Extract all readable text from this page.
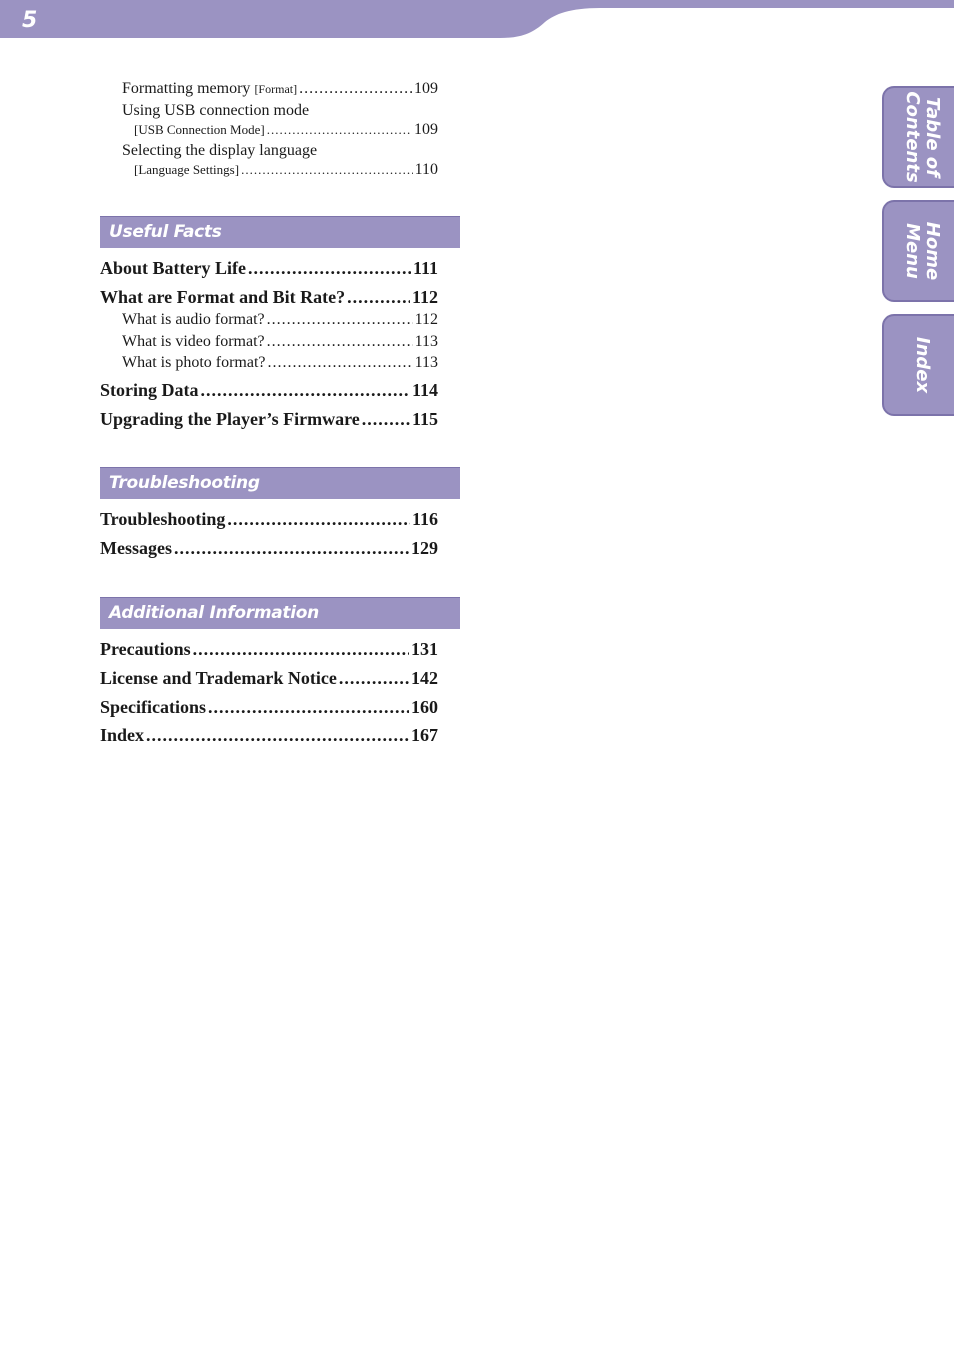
5
Table of
Contents
Home
Menu
Index
Formatting memory
[Format] .....	109
Using USB connection mode
[USB Connection Mode] .....	109
Selecting the display language
[Language Settings] .....	110
Useful Facts
About Battery Life .....	111
What are Format and Bit Rate? .....	112
What is audio format? .....	112
What is video format? .....	113
What is photo format? .....	113
Storing Data .....	114
Upgrading the Player’s Firmware .....	115
Troubleshooting
Troubleshooting .....	116
Messages .....	129
Additional Information
Precautions .....	131
License and Trademark Notice .....	142
Specifications .....	160
Index .....	167
